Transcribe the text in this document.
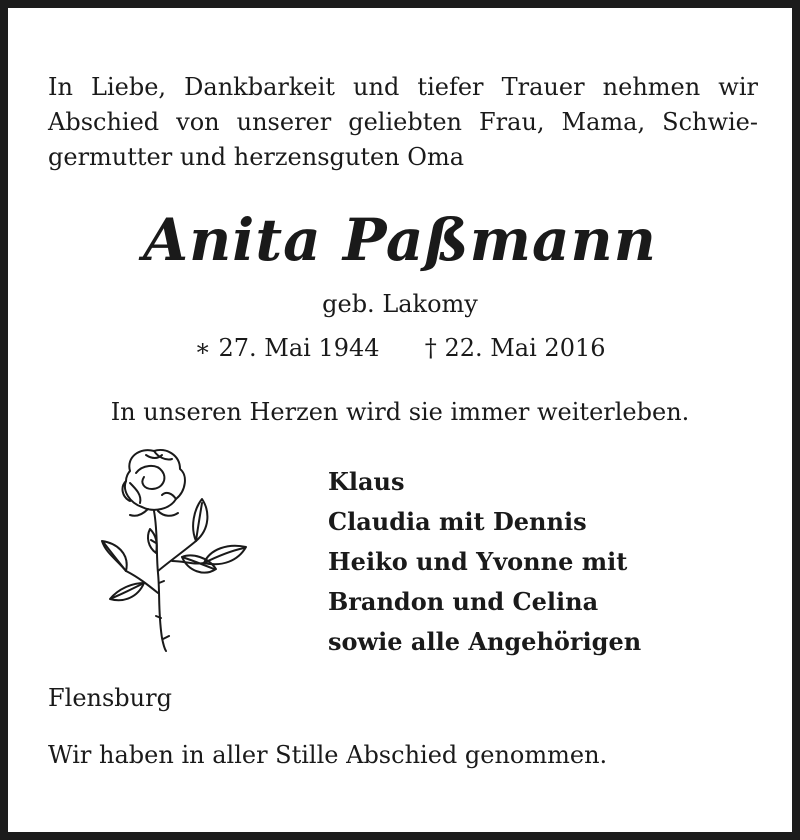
In Liebe, Dankbarkeit und tiefer Trauer nehmen wir
Abschied von unserer geliebten Frau, Mama, Schwie-
germutter und herzensguten Oma

Anita Paßmann

geb. Lakomy

∗ 27. Mai 1944 † 22. Mai 2016

In unseren Herzen wird sie immer weiterleben.

Klaus
Claudia mit Dennis
Heiko und Yvonne mit
Brandon und Celina
sowie alle Angehörigen

Flensburg

Wir haben in aller Stille Abschied genommen.
